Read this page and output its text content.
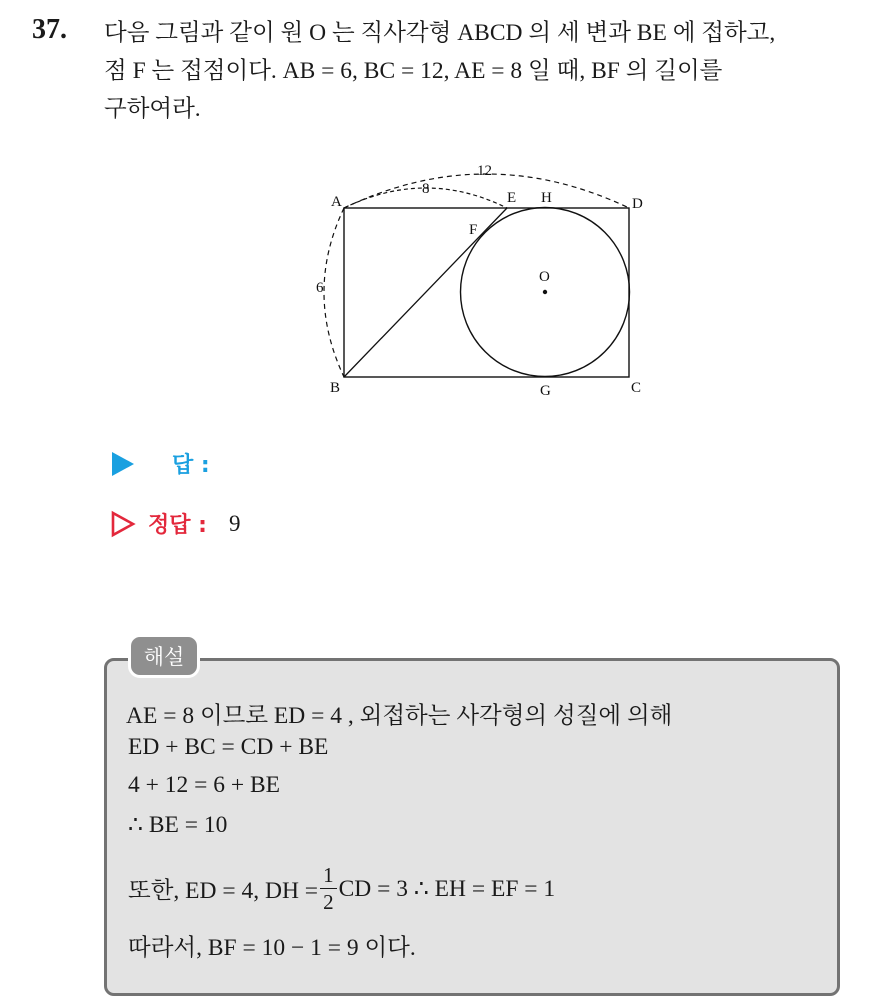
37. 다음 그림과 같이 원 O 는 직사각형 ABCD 의 세 변과 BE 에 접하고,
점 F 는 접점이다. AB = 6, BC = 12, AE = 8 일 때, BF 의 길이를
구하여라.
A
B	C
D
E
F
G
H
O
12
8
6
답 :
정답 : 9
해설
AE = 8 이므로 ED = 4 , 외접하는 사각형의 성질에 의해
ED + BC = CD + BE
4 + 12 = 6 + BE
∴ BE = 10
또한, ED = 4, DH = $\frac{1}{2}$ CD = 3 ∴ EH = EF = 1
따라서, BF = 10 − 1 = 9 이다.
